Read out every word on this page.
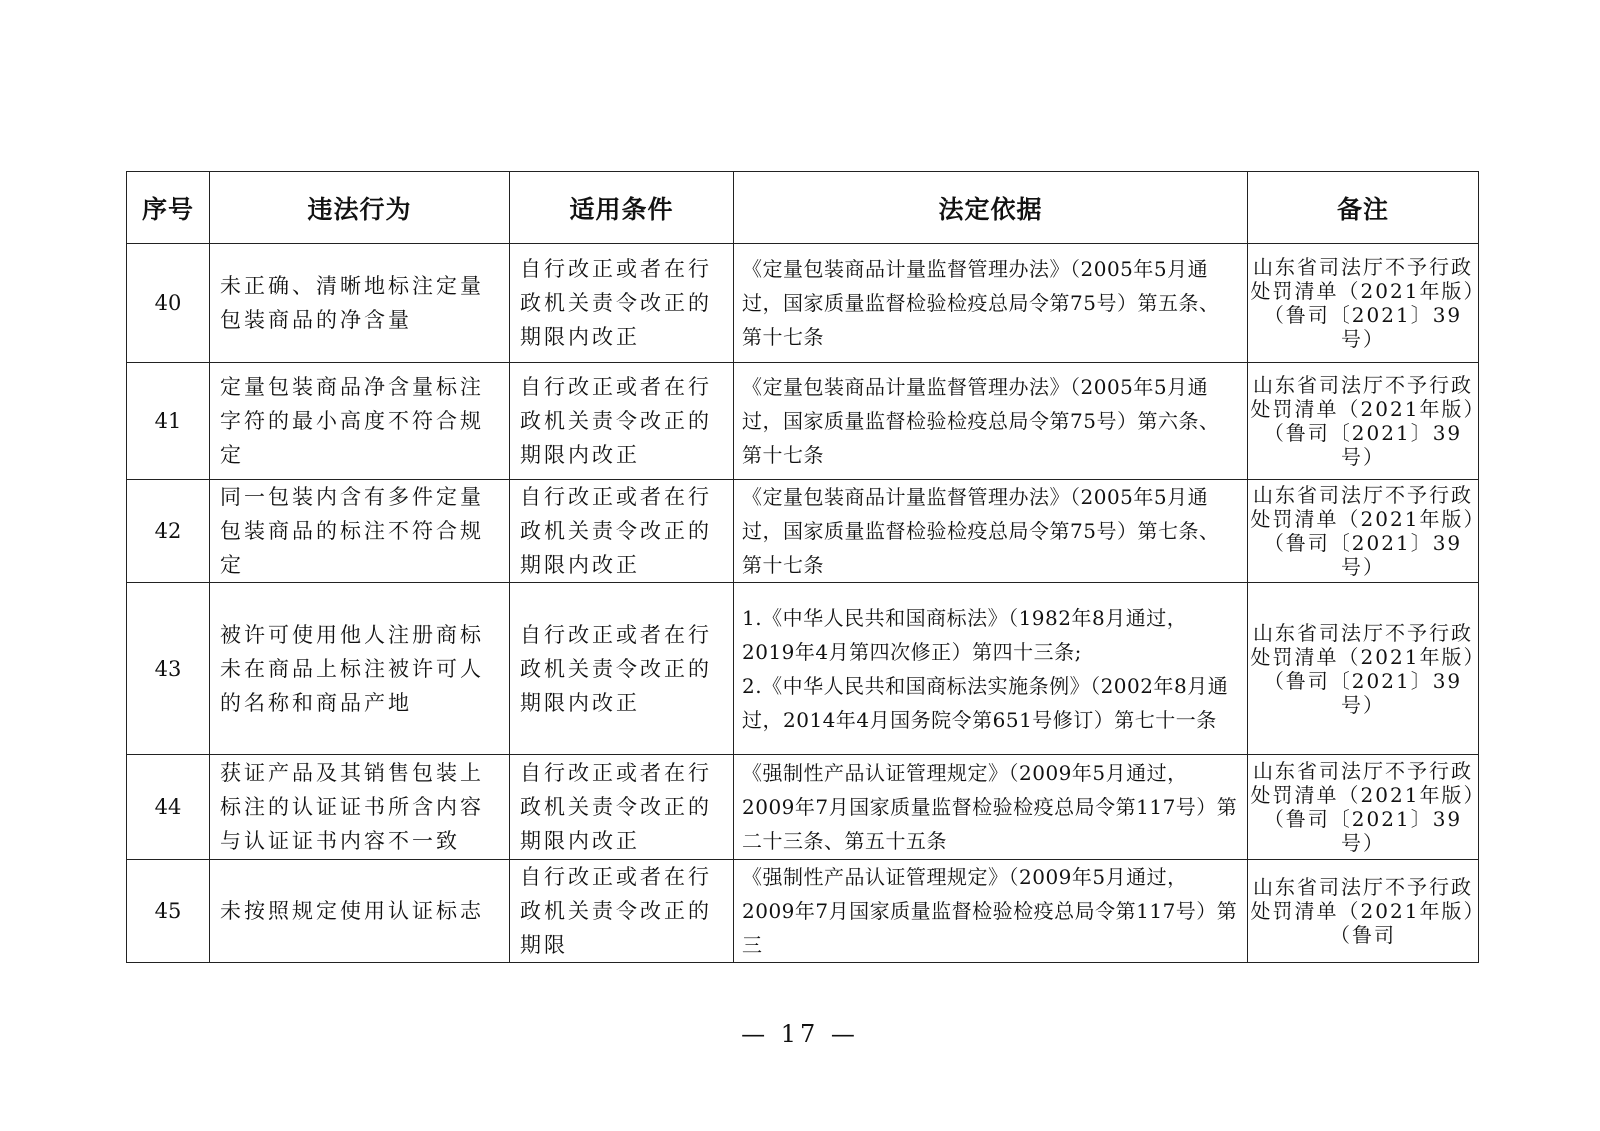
序号	违法行为	适用条件	法定依据	备注
40	未正确、清晰地标注定量包装商品的净含量	自行改正或者在行政机关责令改正的期限内改正	《定量包装商品计量监督管理办法》（2005年5月通过，国家质量监督检验检疫总局令第75号）第五条、第十七条	山东省司法厅不予行政处罚清单（2021年版）（鲁司〔2021〕39号）
41	定量包装商品净含量标注字符的最小高度不符合规定	自行改正或者在行政机关责令改正的期限内改正	《定量包装商品计量监督管理办法》（2005年5月通过，国家质量监督检验检疫总局令第75号）第六条、第十七条	山东省司法厅不予行政处罚清单（2021年版）（鲁司〔2021〕39号）
42	同一包装内含有多件定量包装商品的标注不符合规定	自行改正或者在行政机关责令改正的期限内改正	《定量包装商品计量监督管理办法》（2005年5月通过，国家质量监督检验检疫总局令第75号）第七条、第十七条	山东省司法厅不予行政处罚清单（2021年版）（鲁司〔2021〕39号）
43	被许可使用他人注册商标未在商品上标注被许可人的名称和商品产地	自行改正或者在行政机关责令改正的期限内改正	1.《中华人民共和国商标法》（1982年8月通过，2019年4月第四次修正）第四十三条;
2.《中华人民共和国商标法实施条例》（2002年8月通过，2014年4月国务院令第651号修订）第七十一条	山东省司法厅不予行政处罚清单（2021年版）（鲁司〔2021〕39号）
44	获证产品及其销售包装上标注的认证证书所含内容与认证证书内容不一致	自行改正或者在行政机关责令改正的期限内改正	《强制性产品认证管理规定》（2009年5月通过，2009年7月国家质量监督检验检疫总局令第117号）第二十三条、第五十五条	山东省司法厅不予行政处罚清单（2021年版）（鲁司〔2021〕39号）
45	未按照规定使用认证标志	自行改正或者在行政机关责令改正的期限	《强制性产品认证管理规定》（2009年5月通过，2009年7月国家质量监督检验检疫总局令第117号）第三	山东省司法厅不予行政处罚清单（2021年版）（鲁司
— 17 —
